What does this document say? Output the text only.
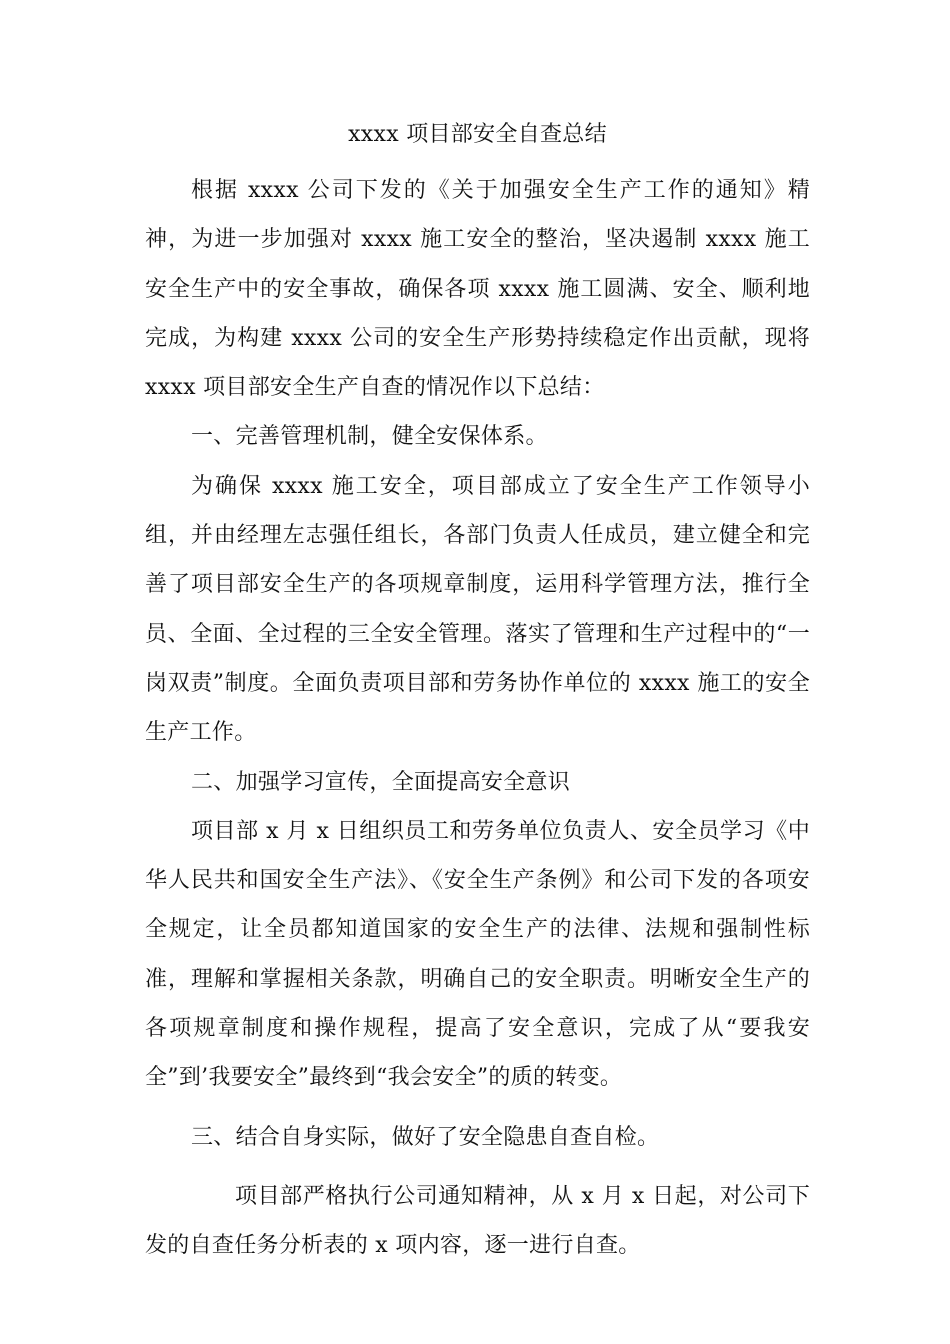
xxxx 项目部安全自查总结

根据 xxxx 公司下发的《关于加强安全生产工作的通知》精神，为进一步加强对 xxxx 施工安全的整治，坚决遏制 xxxx 施工安全生产中的安全事故，确保各项 xxxx 施工圆满、安全、顺利地完成，为构建 xxxx 公司的安全生产形势持续稳定作出贡献，现将 xxxx 项目部安全生产自查的情况作以下总结：

一、完善管理机制，健全安保体系。

为确保 xxxx 施工安全，项目部成立了安全生产工作领导小组，并由经理左志强任组长，各部门负责人任成员，建立健全和完善了项目部安全生产的各项规章制度，运用科学管理方法，推行全员、全面、全过程的三全安全管理。落实了管理和生产过程中的“一岗双责”制度。全面负责项目部和劳务协作单位的 xxxx 施工的安全生产工作。

二、加强学习宣传，全面提高安全意识

项目部 x 月 x 日组织员工和劳务单位负责人、安全员学习《中华人民共和国安全生产法》、《安全生产条例》和公司下发的各项安全规定，让全员都知道国家的安全生产的法律、法规和强制性标准，理解和掌握相关条款，明确自己的安全职责。明晰安全生产的各项规章制度和操作规程，提高了安全意识，完成了从“要我安全”到’我要安全”最终到“我会安全”的质的转变。

三、结合自身实际，做好了安全隐患自查自检。

项目部严格执行公司通知精神，从 x 月 x 日起，对公司下发的自查任务分析表的 x 项内容，逐一进行自查。
